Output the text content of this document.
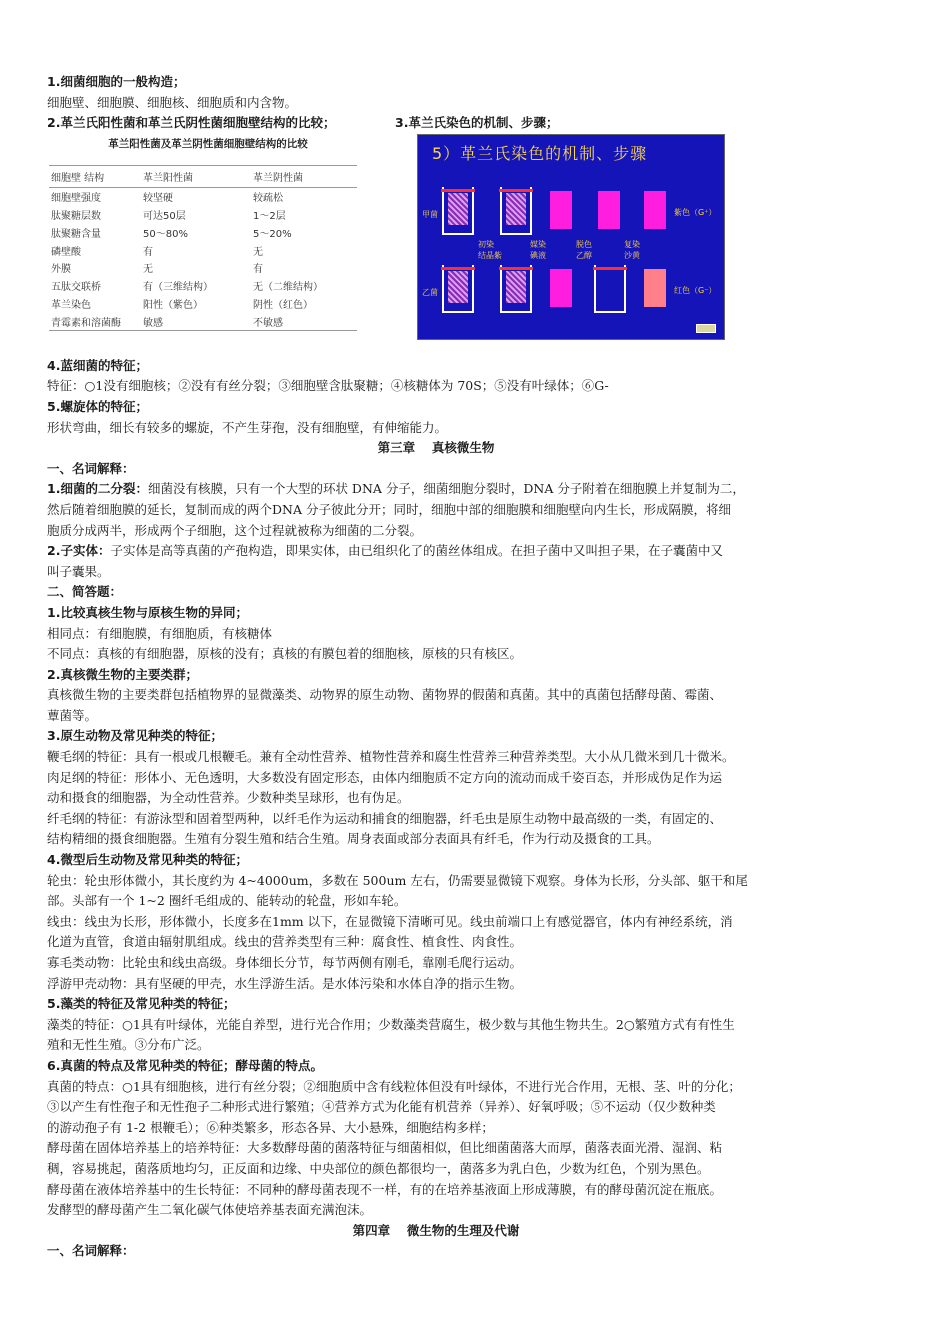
1.细菌细胞的一般构造；

细胞壁、细胞膜、细胞核、细胞质和内含物。

2.革兰氏阳性菌和革兰氏阴性菌细胞壁结构的比较；	3.革兰氏染色的机制、步骤；

革兰阳性菌及革兰阴性菌细胞壁结构的比较

细胞壁 结构	革兰阳性菌	革兰阴性菌
细胞壁强度	较坚硬	较疏松
肽聚糖层数	可达50层	1～2层
肽聚糖含量	50～80%	5～20%
磷壁酸	有	无
外膜	无	有
五肽交联桥	有（三维结构）	无（二维结构）
革兰染色	阳性（紫色）	阴性（红色）
青霉素和溶菌酶	敏感	不敏感
5）革兰氏染色的机制、步骤
甲菌	紫色（G⁺）
初染
结晶紫
媒染
碘液
脱色
乙醇
复染
沙黄
乙菌	红色（G⁻）

4.蓝细菌的特征；

特征：○1没有细胞核；②没有有丝分裂；③细胞壁含肽聚糖；④核糖体为 70S；⑤没有叶绿体；⑥G-

5.螺旋体的特征；

形状弯曲，细长有较多的螺旋，不产生芽孢，没有细胞壁，有伸缩能力。

第三章　 真核微生物

一、名词解释：

1.细菌的二分裂：细菌没有核膜，只有一个大型的环状 DNA 分子，细菌细胞分裂时，DNA 分子附着在细胞膜上并复制为二，

然后随着细胞膜的延长，复制而成的两个DNA 分子彼此分开；同时，细胞中部的细胞膜和细胞壁向内生长，形成隔膜，将细

胞质分成两半，形成两个子细胞，这个过程就被称为细菌的二分裂。

2.子实体：子实体是高等真菌的产孢构造，即果实体，由已组织化了的菌丝体组成。在担子菌中又叫担子果，在子囊菌中又

叫子囊果。

二、简答题：

1.比较真核生物与原核生物的异同；

相同点：有细胞膜，有细胞质，有核糖体

不同点：真核的有细胞器，原核的没有；真核的有膜包着的细胞核，原核的只有核区。

2.真核微生物的主要类群；

真核微生物的主要类群包括植物界的显微藻类、动物界的原生动物、菌物界的假菌和真菌。其中的真菌包括酵母菌、霉菌、

蕈菌等。

3.原生动物及常见种类的特征；

鞭毛纲的特征：具有一根或几根鞭毛。兼有全动性营养、植物性营养和腐生性营养三种营养类型。大小从几微米到几十微米。

肉足纲的特征：形体小、无色透明，大多数没有固定形态，由体内细胞质不定方向的流动而成千姿百态，并形成伪足作为运

动和摄食的细胞器，为全动性营养。少数种类呈球形，也有伪足。

纤毛纲的特征：有游泳型和固着型两种，以纤毛作为运动和捕食的细胞器，纤毛虫是原生动物中最高级的一类，有固定的、

结构精细的摄食细胞器。生殖有分裂生殖和结合生殖。周身表面或部分表面具有纤毛，作为行动及摄食的工具。

4.微型后生动物及常见种类的特征；

轮虫：轮虫形体微小，其长度约为 4~4000um，多数在 500um 左右，仍需要显微镜下观察。身体为长形，分头部、躯干和尾

部。头部有一个 1~2 圈纤毛组成的、能转动的轮盘，形如车轮。

线虫：线虫为长形，形体微小，长度多在1mm 以下，在显微镜下清晰可见。线虫前端口上有感觉器官，体内有神经系统，消

化道为直管，食道由辐射肌组成。线虫的营养类型有三种：腐食性、植食性、肉食性。

寡毛类动物：比轮虫和线虫高级。身体细长分节，每节两侧有刚毛，靠刚毛爬行运动。

浮游甲壳动物：具有坚硬的甲壳，水生浮游生活。是水体污染和水体自净的指示生物。

5.藻类的特征及常见种类的特征；

藻类的特征：○1具有叶绿体，光能自养型，进行光合作用；少数藻类营腐生，极少数与其他生物共生。2○繁殖方式有有性生

殖和无性生殖。③分布广泛。

6.真菌的特点及常见种类的特征；酵母菌的特点。

真菌的特点：○1具有细胞核，进行有丝分裂；②细胞质中含有线粒体但没有叶绿体，不进行光合作用，无根、茎、叶的分化；

③以产生有性孢子和无性孢子二种形式进行繁殖；④营养方式为化能有机营养（异养）、好氧呼吸；⑤不运动（仅少数种类

的游动孢子有 1-2 根鞭毛）；⑥种类繁多，形态各异、大小悬殊，细胞结构多样；

酵母菌在固体培养基上的培养特征：大多数酵母菌的菌落特征与细菌相似，但比细菌菌落大而厚，菌落表面光滑、湿润、粘

稠，容易挑起，菌落质地均匀，正反面和边缘、中央部位的颜色都很均一，菌落多为乳白色，少数为红色，个别为黑色。

酵母菌在液体培养基中的生长特征：不同种的酵母菌表现不一样，有的在培养基液面上形成薄膜，有的酵母菌沉淀在瓶底。

发酵型的酵母菌产生二氧化碳气体使培养基表面充满泡沫。

第四章　 微生物的生理及代谢

一、名词解释：
